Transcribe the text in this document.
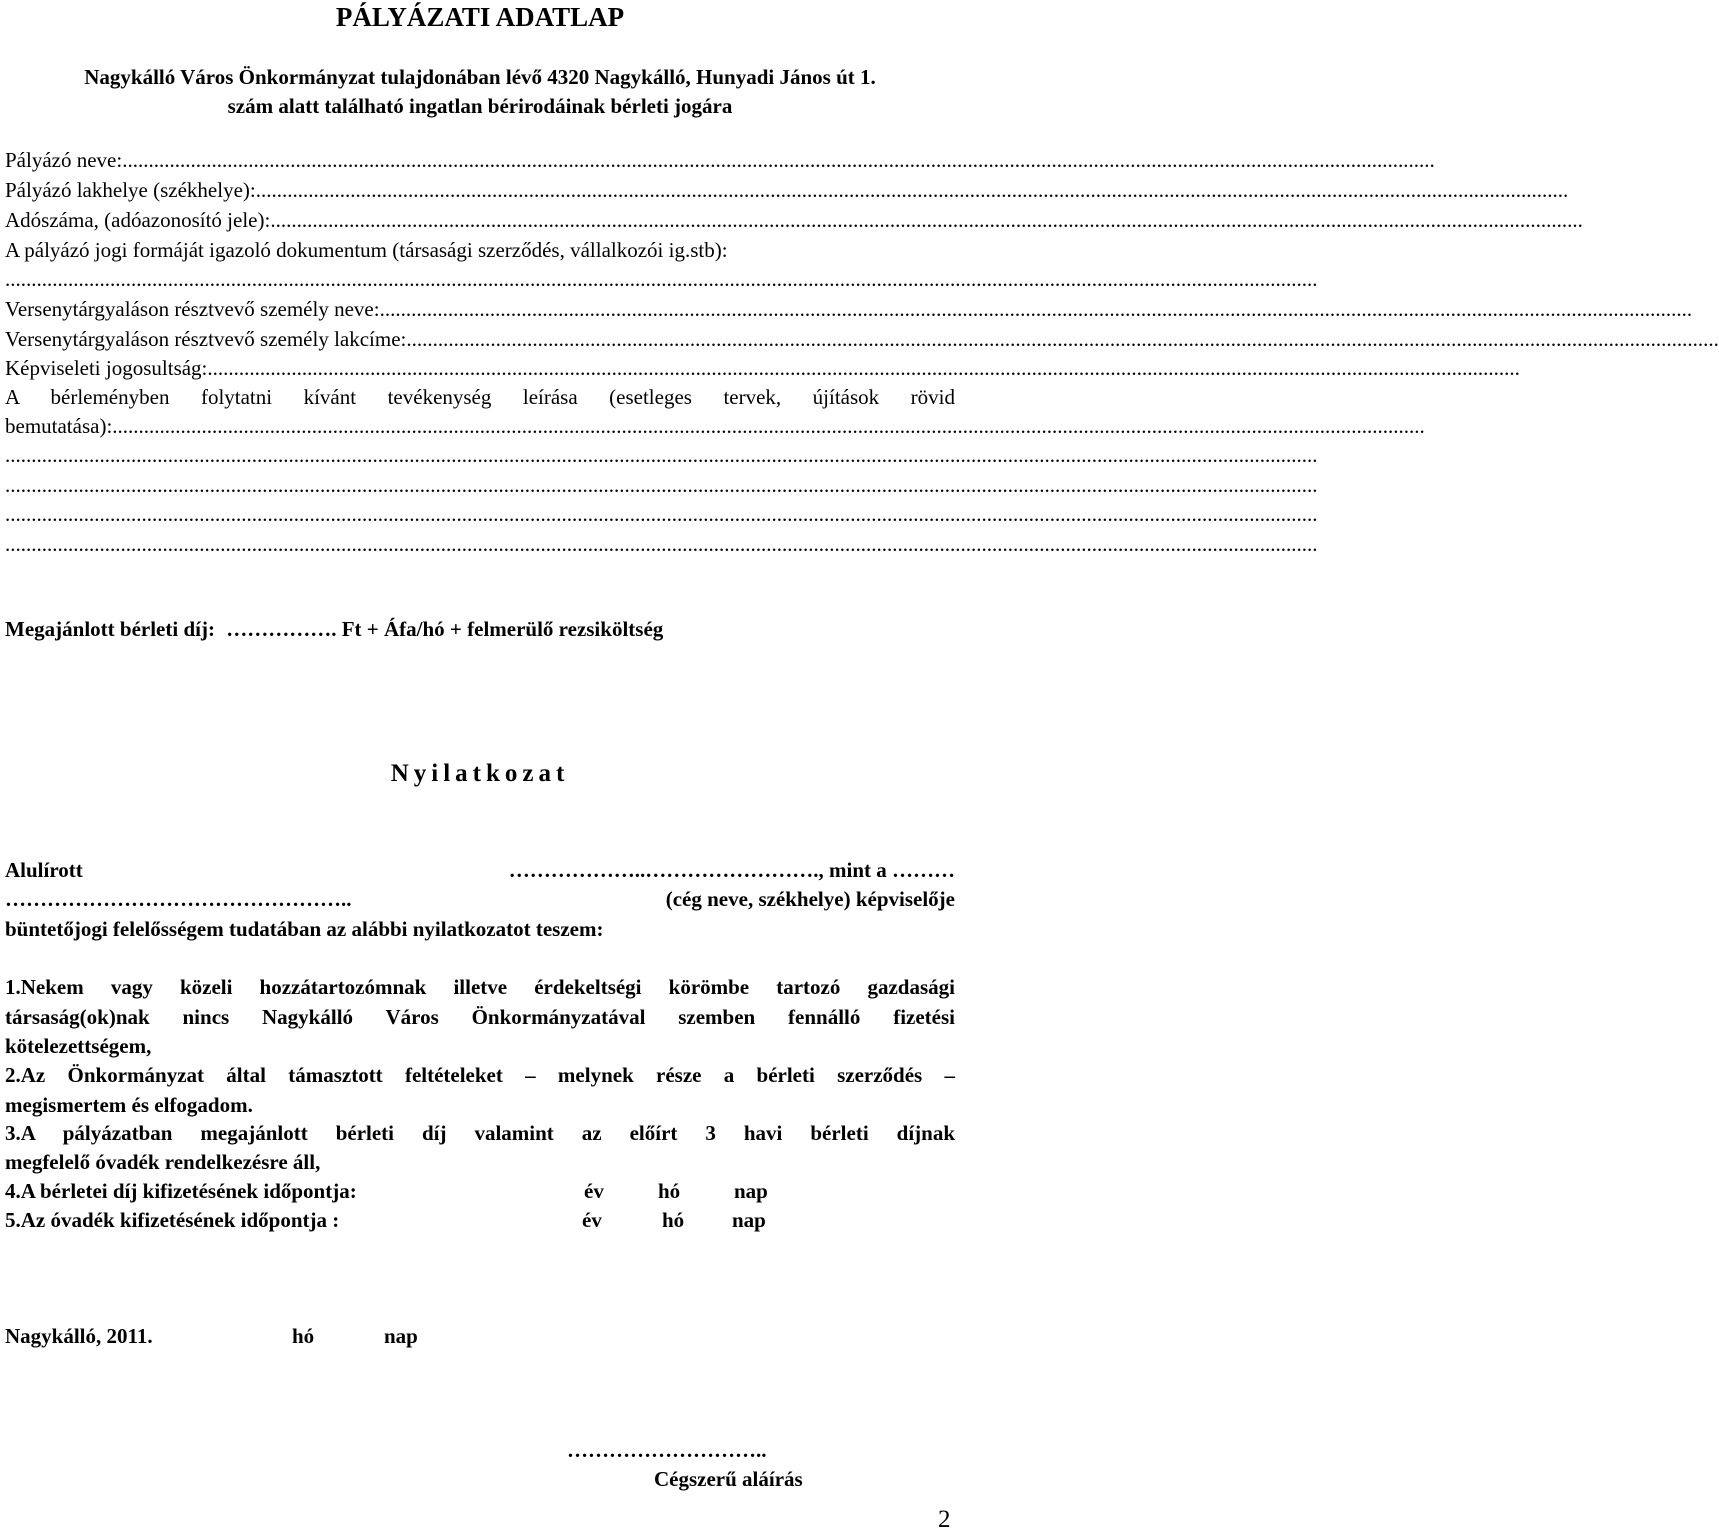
PÁLYÁZATI ADATLAP
Nagykálló Város Önkormányzat tulajdonában lévő 4320 Nagykálló, Hunyadi János út 1.
szám alatt található ingatlan bérirodáinak bérleti jogára
Pályázó neve: ..........................................................................................................................................................................................................................................................
Pályázó lakhelye (székhelye): ..........................................................................................................................................................................................................................................................
Adószáma, (adóazonosító jele): ..........................................................................................................................................................................................................................................................
A pályázó jogi formáját igazoló dokumentum (társasági szerződés, vállalkozói ig.stb):
..........................................................................................................................................................................................................................................................
Versenytárgyaláson résztvevő személy neve: ..........................................................................................................................................................................................................................................................
Versenytárgyaláson résztvevő személy lakcíme: ..........................................................................................................................................................................................................................................................
Képviseleti jogosultság: ..........................................................................................................................................................................................................................................................
A bérleményben folytatni kívánt tevékenység leírása (esetleges tervek, újítások rövid
bemutatása): ..........................................................................................................................................................................................................................................................
..........................................................................................................................................................................................................................................................
..........................................................................................................................................................................................................................................................
..........................................................................................................................................................................................................................................................
..........................................................................................................................................................................................................................................................
Megajánlott bérleti díj: ……………. Ft + Áfa/hó + felmerülő rezsiköltség
Nyilatkozat
Alulírott	………………..……………………., mint a ………
…………………………………………..	(cég neve, székhelye) képviselője
büntetőjogi felelősségem tudatában az alábbi nyilatkozatot teszem:
1.Nekem vagy közeli hozzátartozómnak illetve érdekeltségi körömbe tartozó gazdasági
társaság(ok)nak nincs Nagykálló Város Önkormányzatával szemben fennálló fizetési
kötelezettségem,
2.Az Önkormányzat által támasztott feltételeket – melynek része a bérleti szerződés –
megismertem és elfogadom.
3.A pályázatban megajánlott bérleti díj valamint az előírt 3 havi bérleti díjnak
megfelelő óvadék rendelkezésre áll,
4.A bérletei díj kifizetésének időpontja:	év	hó	nap
5.Az óvadék kifizetésének időpontja :	év	hó nap
Nagykálló, 2011.	hó	nap
………………………..
Cégszerű aláírás
2
